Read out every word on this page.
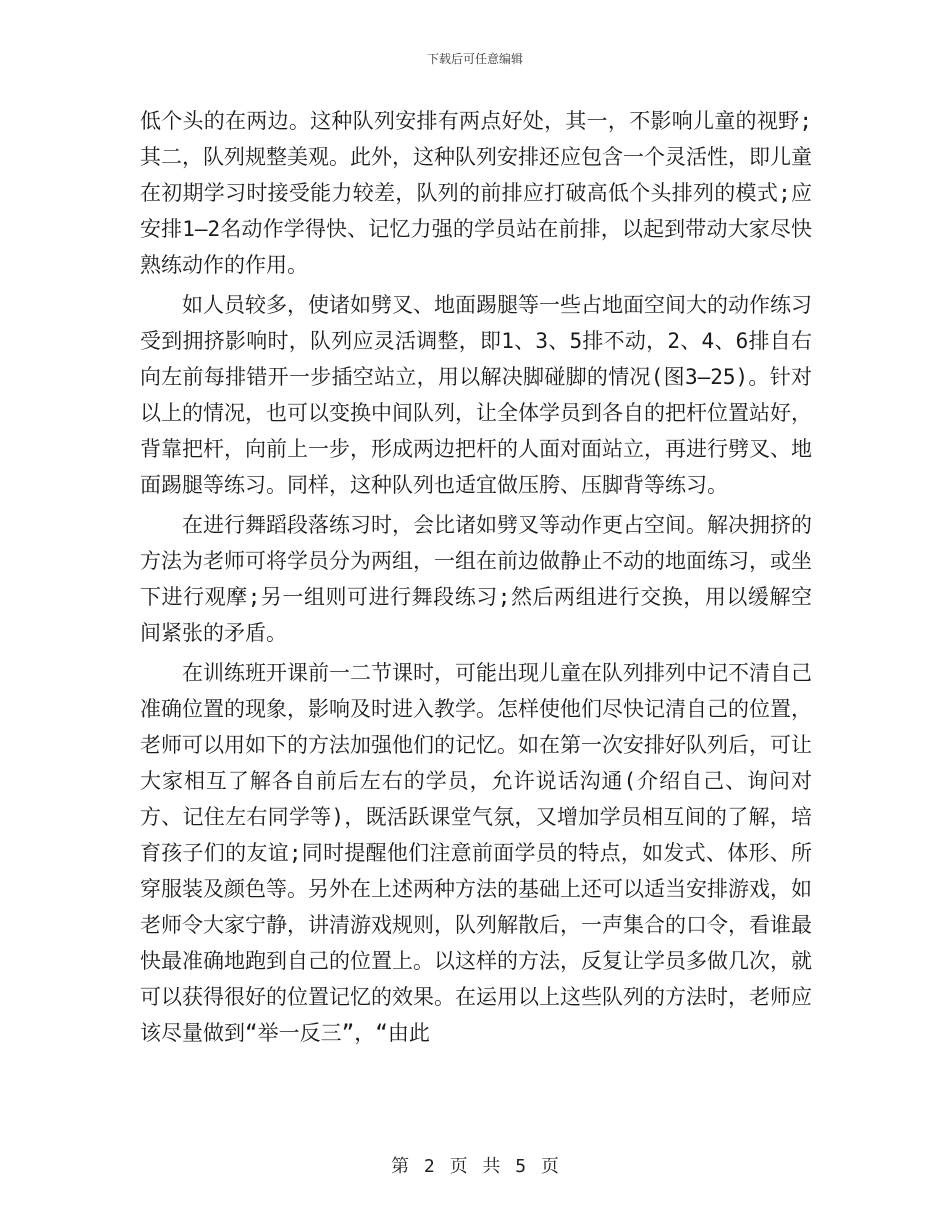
下载后可任意编辑

低个头的在两边。这种队列安排有两点好处，其一，不影响儿童的视野;其二，队列规整美观。此外，这种队列安排还应包含一个灵活性，即儿童在初期学习时接受能力较差，队列的前排应打破高低个头排列的模式;应安排1—2名动作学得快、记忆力强的学员站在前排，以起到带动大家尽快熟练动作的作用。

如人员较多，使诸如劈叉、地面踢腿等一些占地面空间大的动作练习受到拥挤影响时，队列应灵活调整，即1、3、5排不动，2、4、6排自右向左前每排错开一步插空站立，用以解决脚碰脚的情况(图3—25)。针对以上的情况，也可以变换中间队列，让全体学员到各自的把杆位置站好，背靠把杆，向前上一步，形成两边把杆的人面对面站立，再进行劈叉、地面踢腿等练习。同样，这种队列也适宜做压胯、压脚背等练习。

在进行舞蹈段落练习时，会比诸如劈叉等动作更占空间。解决拥挤的方法为老师可将学员分为两组，一组在前边做静止不动的地面练习，或坐下进行观摩;另一组则可进行舞段练习;然后两组进行交换，用以缓解空间紧张的矛盾。

在训练班开课前一二节课时，可能出现儿童在队列排列中记不清自己准确位置的现象，影响及时进入教学。怎样使他们尽快记清自己的位置，老师可以用如下的方法加强他们的记忆。如在第一次安排好队列后，可让大家相互了解各自前后左右的学员，允许说话沟通(介绍自己、询问对方、记住左右同学等)，既活跃课堂气氛，又增加学员相互间的了解，培育孩子们的友谊;同时提醒他们注意前面学员的特点，如发式、体形、所穿服装及颜色等。另外在上述两种方法的基础上还可以适当安排游戏，如老师令大家宁静，讲清游戏规则，队列解散后，一声集合的口令，看谁最快最准确地跑到自己的位置上。以这样的方法，反复让学员多做几次，就可以获得很好的位置记忆的效果。在运用以上这些队列的方法时，老师应该尽量做到“举一反三”，“由此

第 2 页 共 5 页
